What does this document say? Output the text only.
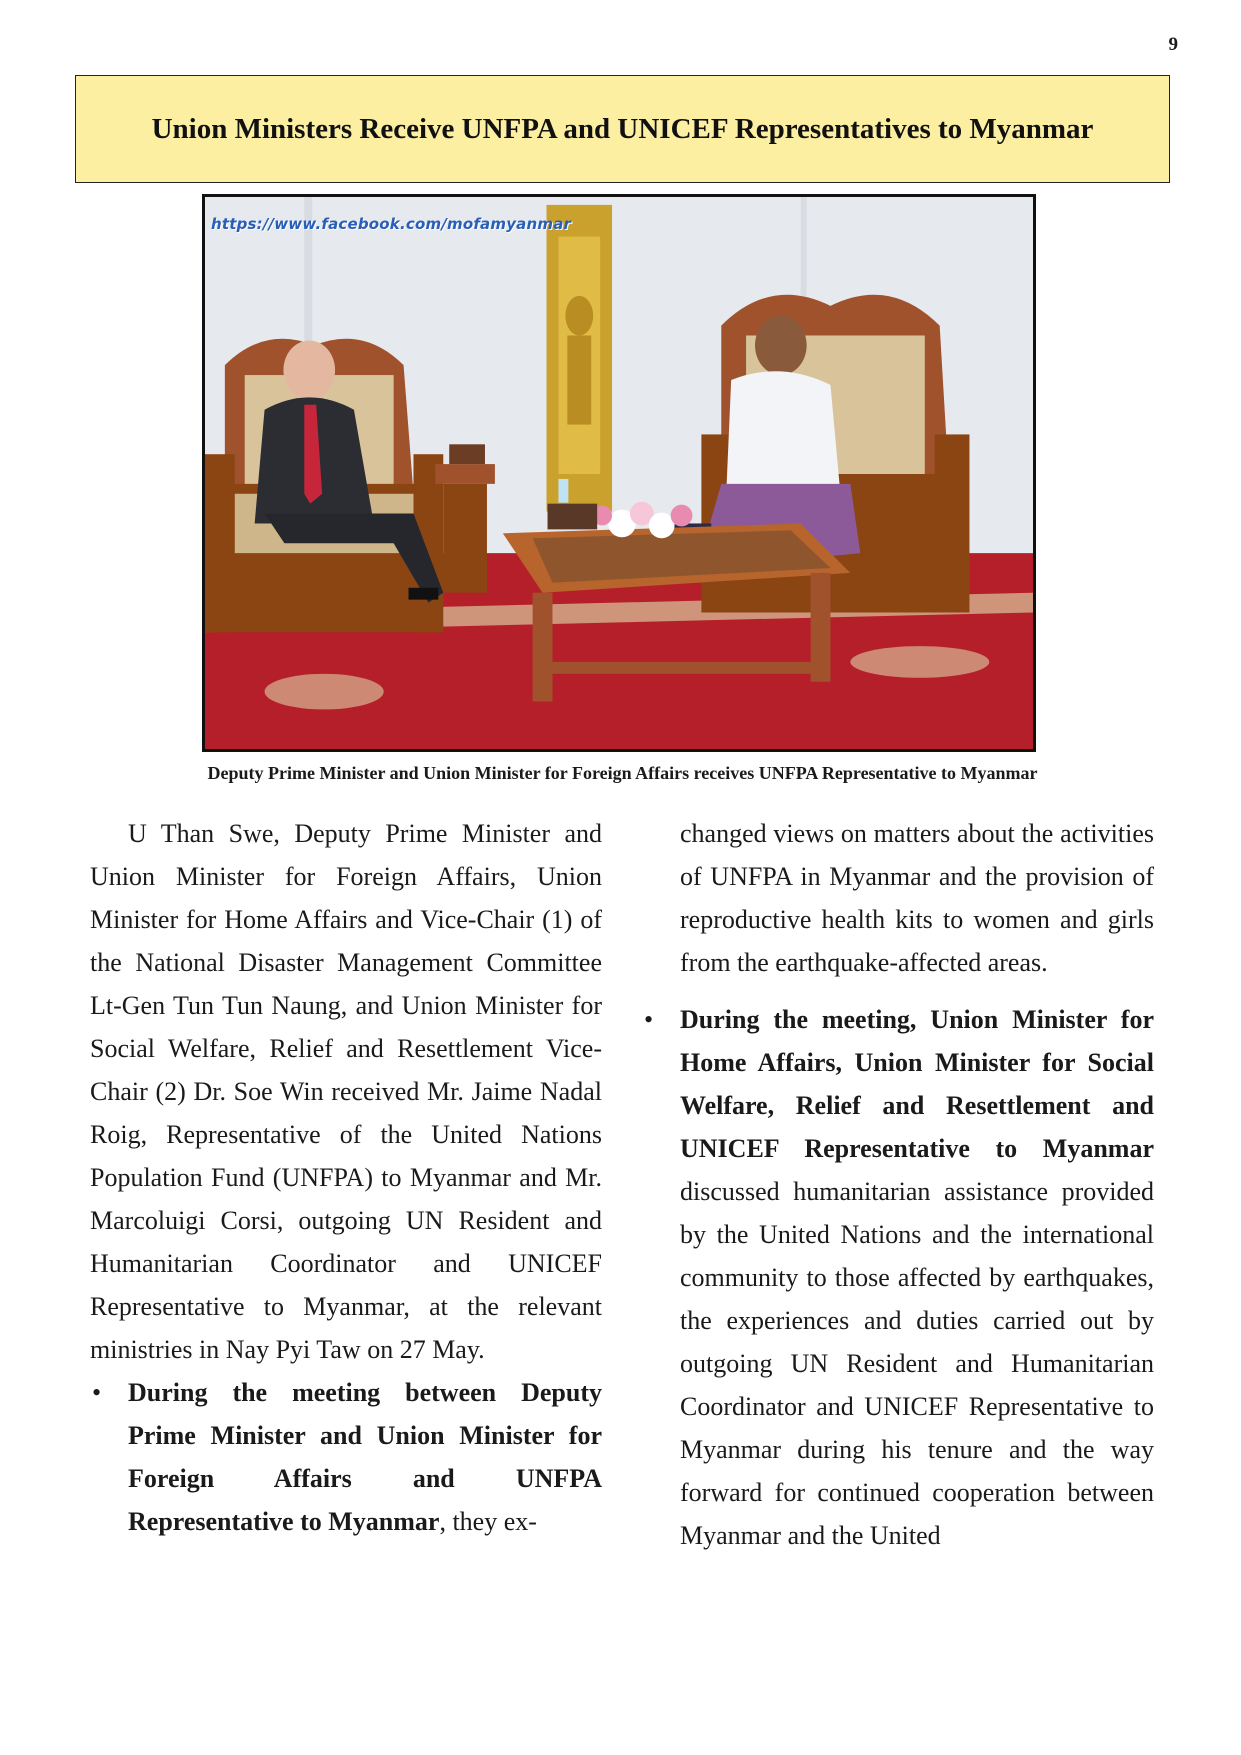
9
Union Ministers Receive UNFPA and UNICEF Representatives to Myanmar
https://www.facebook.com/mofamyanmar

Deputy Prime Minister and Union Minister for Foreign Affairs receives UNFPA Representative to Myanmar

U Than Swe, Deputy Prime Minister and Union Minister for Foreign Affairs, Union Minister for Home Affairs and Vice-Chair (1) of the National Disaster Management Committee Lt-Gen Tun Tun Naung, and Union Minister for Social Welfare, Relief and Resettlement Vice-Chair (2) Dr. Soe Win received Mr. Jaime Nadal Roig, Representative of the United Nations Population Fund (UNFPA) to Myanmar and Mr. Marcoluigi Corsi, outgoing UN Resident and Humanitarian Coordinator and UNICEF Representative to Myanmar, at the relevant ministries in Nay Pyi Taw on 27 May.

• During the meeting between Deputy Prime Minister and Union Minister for Foreign Affairs and UNFPA Representative to Myanmar, they ex-

changed views on matters about the activities of UNFPA in Myanmar and the provision of reproductive health kits to women and girls from the earthquake-affected areas.

• During the meeting, Union Minister for Home Affairs, Union Minister for Social Welfare, Relief and Resettlement and UNICEF Representative to Myanmar discussed humanitarian assistance provided by the United Nations and the international community to those affected by earthquakes, the experiences and duties carried out by outgoing UN Resident and Humanitarian Coordinator and UNICEF Representative to Myanmar during his tenure and the way forward for continued cooperation between Myanmar and the United
